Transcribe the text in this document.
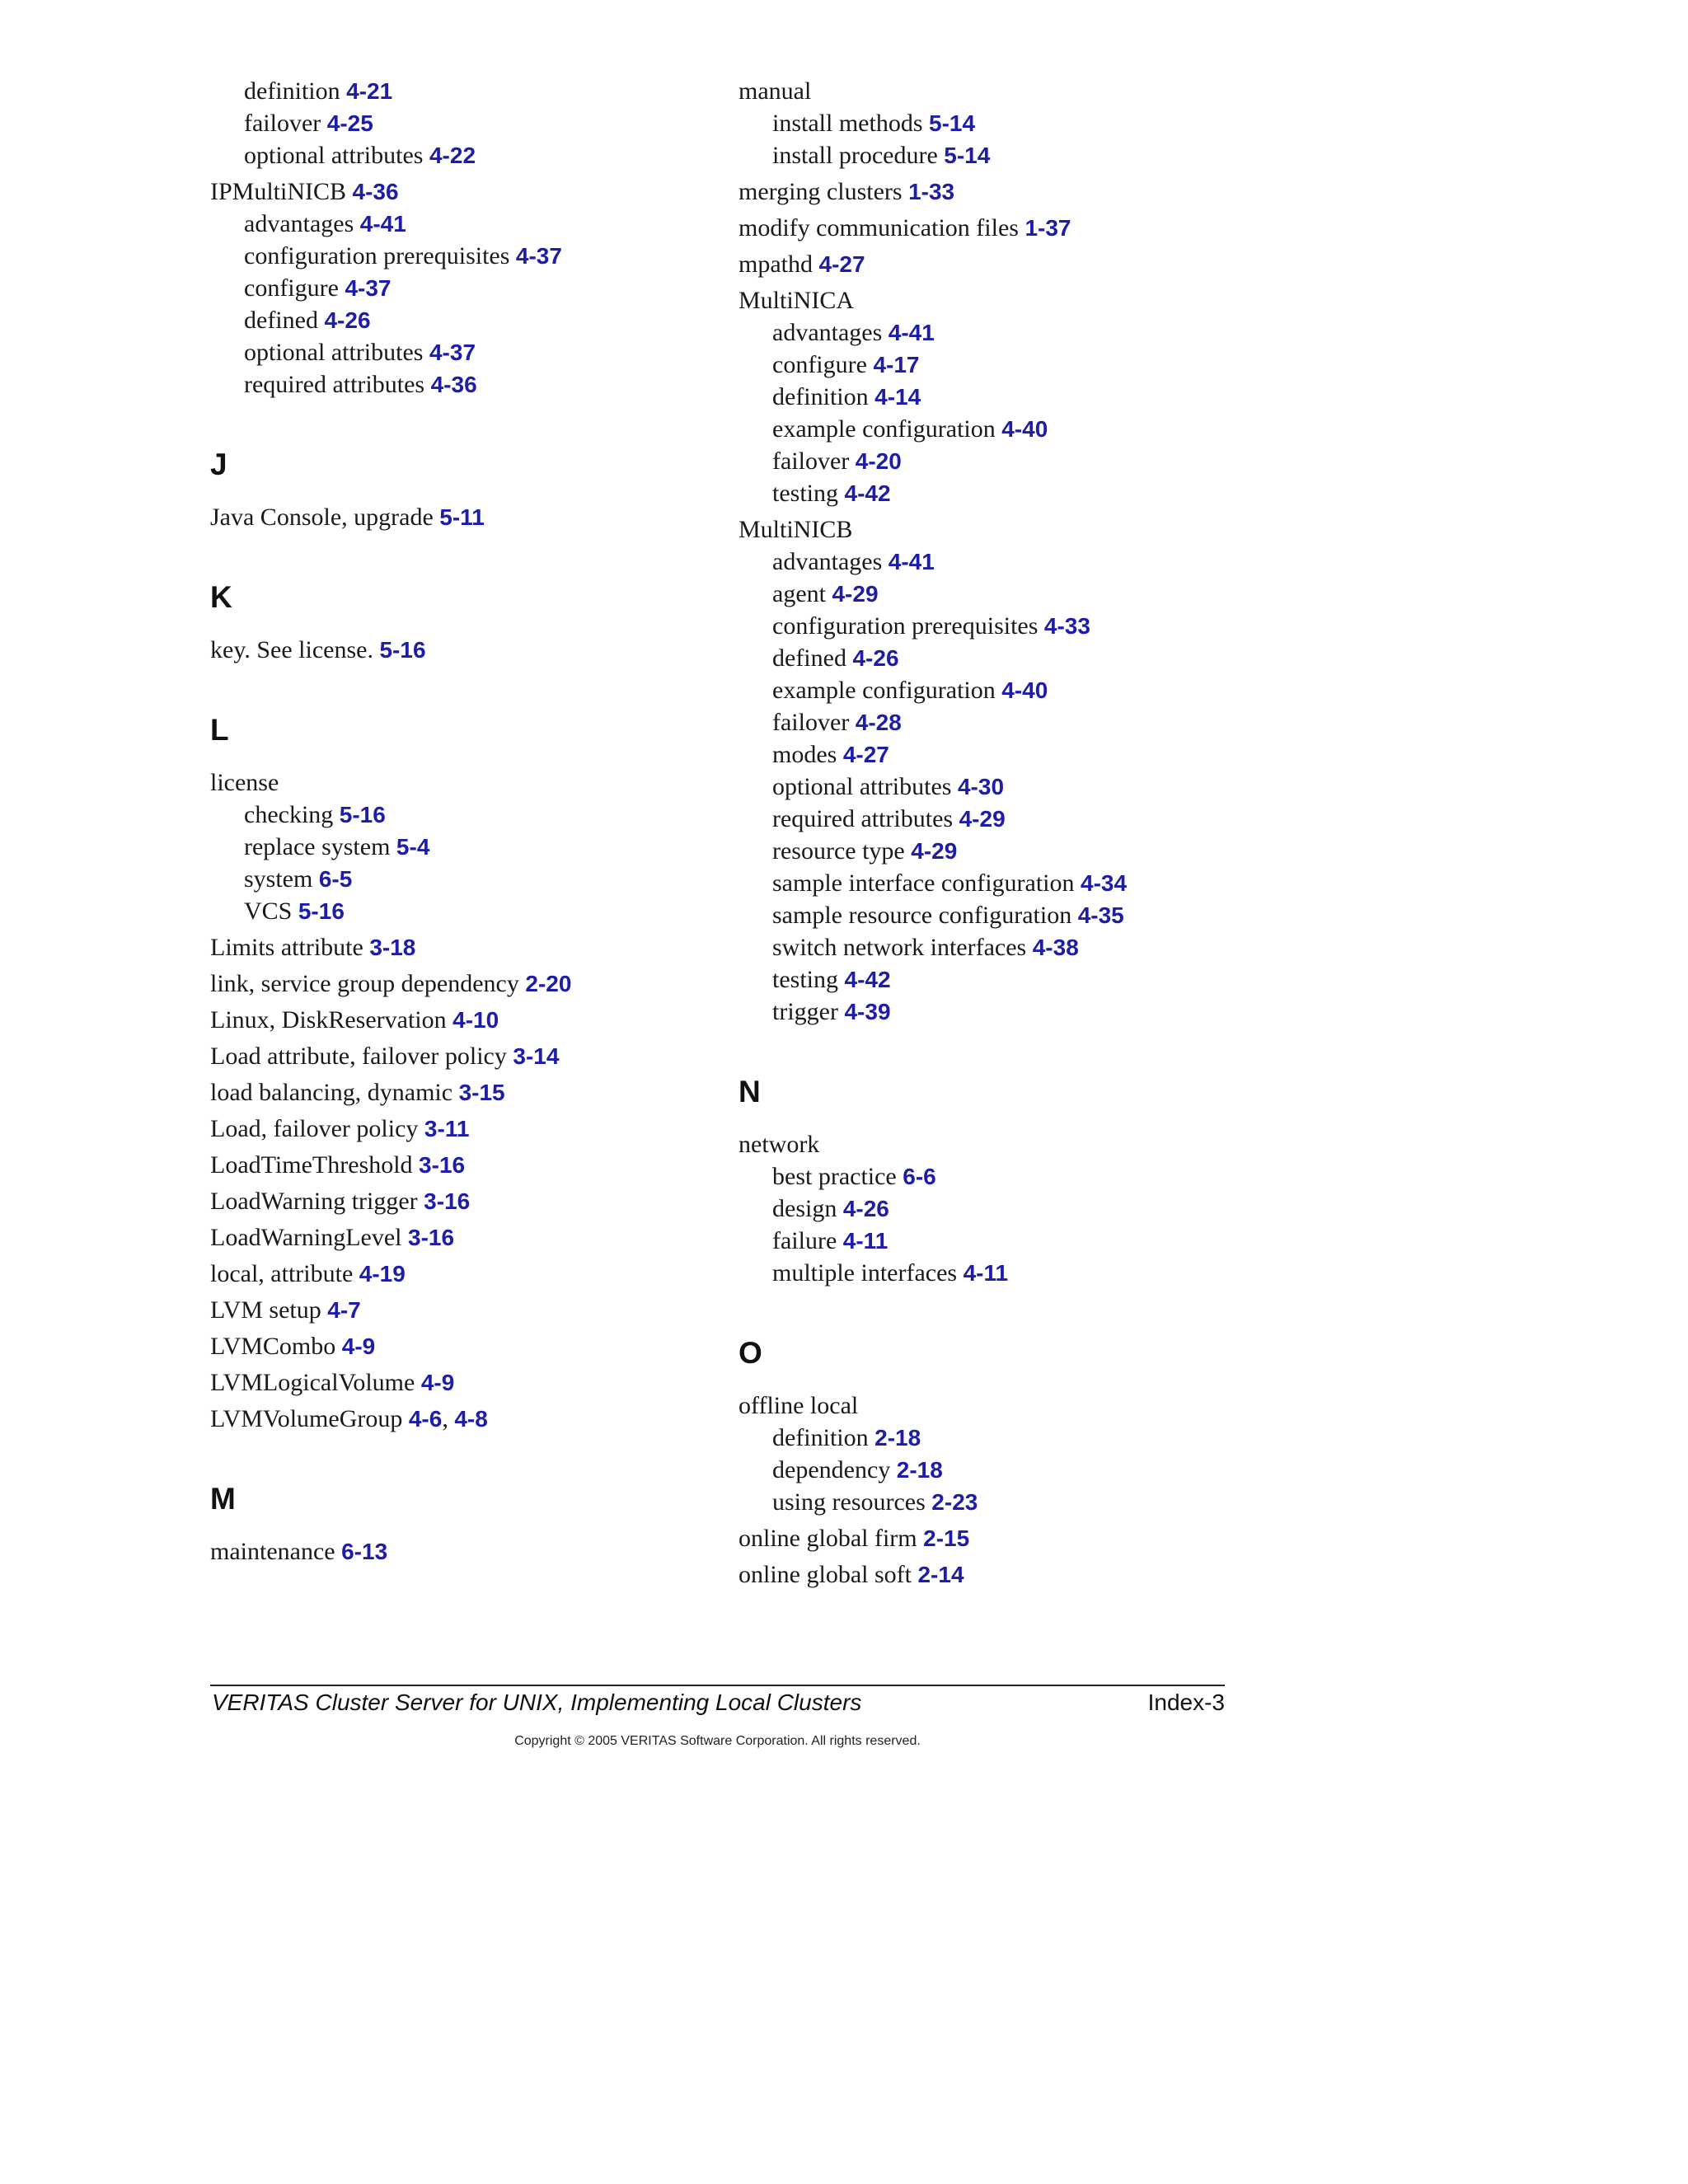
definition 4-21
failover 4-25
optional attributes 4-22
IPMultiNICB 4-36
advantages 4-41
configuration prerequisites 4-37
configure 4-37
defined 4-26
optional attributes 4-37
required attributes 4-36
J
Java Console, upgrade 5-11
K
key. See license. 5-16
L
license
checking 5-16
replace system 5-4
system 6-5
VCS 5-16
Limits attribute 3-18
link, service group dependency 2-20
Linux, DiskReservation 4-10
Load attribute, failover policy 3-14
load balancing, dynamic 3-15
Load, failover policy 3-11
LoadTimeThreshold 3-16
LoadWarning trigger 3-16
LoadWarningLevel 3-16
local, attribute 4-19
LVM setup 4-7
LVMCombo 4-9
LVMLogicalVolume 4-9
LVMVolumeGroup 4-6, 4-8
M
maintenance 6-13
manual
install methods 5-14
install procedure 5-14
merging clusters 1-33
modify communication files 1-37
mpathd 4-27
MultiNICA
advantages 4-41
configure 4-17
definition 4-14
example configuration 4-40
failover 4-20
testing 4-42
MultiNICB
advantages 4-41
agent 4-29
configuration prerequisites 4-33
defined 4-26
example configuration 4-40
failover 4-28
modes 4-27
optional attributes 4-30
required attributes 4-29
resource type 4-29
sample interface configuration 4-34
sample resource configuration 4-35
switch network interfaces 4-38
testing 4-42
trigger 4-39
N
network
best practice 6-6
design 4-26
failure 4-11
multiple interfaces 4-11
O
offline local
definition 2-18
dependency 2-18
using resources 2-23
online global firm 2-15
online global soft 2-14
VERITAS Cluster Server for UNIX, Implementing Local Clusters	Index-3
Copyright © 2005 VERITAS Software Corporation. All rights reserved.
